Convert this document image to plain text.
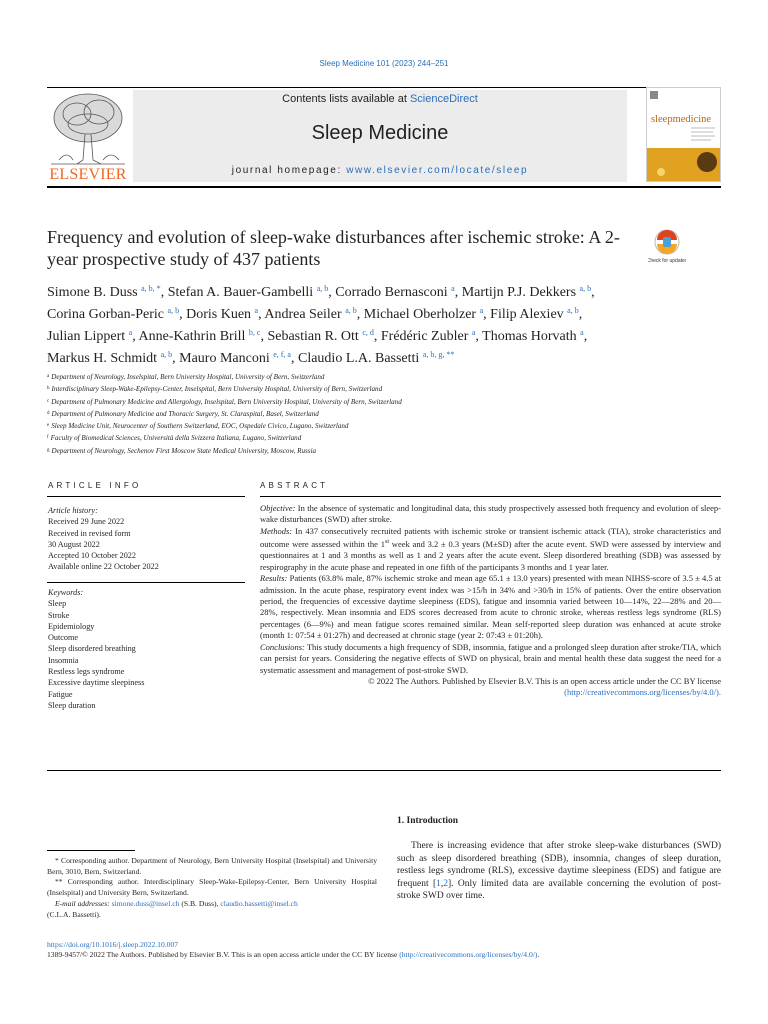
Sleep Medicine 101 (2023) 244–251
ELSEVIER
Contents lists available at ScienceDirect
Sleep Medicine
journal homepage: www.elsevier.com/locate/sleep
sleepmedicine
Frequency and evolution of sleep-wake disturbances after ischemic stroke: A 2-year prospective study of 437 patients	Check for updates
Simone B. Duss $^{a, b, *}$, Stefan A. Bauer-Gambelli $^{a, b}$, Corrado Bernasconi $^a$, Martijn P.J. Dekkers $^{a, b}$, Corina Gorban-Peric $^{a, b}$, Doris Kuen $^a$, Andrea Seiler $^{a, b}$, Michael Oberholzer $^a$, Filip Alexiev $^{a, b}$, Julian Lippert $^a$, Anne-Kathrin Brill $^{b, c}$, Sebastian R. Ott $^{c, d}$, Frédéric Zubler $^a$, Thomas Horvath $^a$, Markus H. Schmidt $^{a, b}$, Mauro Manconi $^{e, f, a}$, Claudio L.A. Bassetti $^{a, b, g, **}$
$^a$ Department of Neurology, Inselspital, Bern University Hospital, University of Bern, Switzerland
$^b$ Interdisciplinary Sleep-Wake-Epilepsy-Center, Inselspital, Bern University Hospital, University of Bern, Switzerland
$^c$ Department of Pulmonary Medicine and Allergology, Inselspital, Bern University Hospital, University of Bern, Switzerland
$^d$ Department of Pulmonary Medicine and Thoracic Surgery, St. Claraspital, Basel, Switzerland
$^e$ Sleep Medicine Unit, Neurocenter of Southern Switzerland, EOC, Ospedale Civico, Lugano, Switzerland
$^f$ Faculty of Biomedical Sciences, Università della Svizzera Italiana, Lugano, Switzerland
$^g$ Department of Neurology, Sechenov First Moscow State Medical University, Moscow, Russia
ARTICLE INFO	ABSTRACT
Article history:
Received 29 June 2022
Received in revised form
30 August 2022
Accepted 10 October 2022
Available online 22 October 2022
Keywords:
Sleep
Stroke
Epidemiology
Outcome
Sleep disordered breathing
Insomnia
Restless legs syndrome
Excessive daytime sleepiness
Fatigue
Sleep duration

Objective: In the absence of systematic and longitudinal data, this study prospectively assessed both frequency and evolution of sleep-wake disturbances (SWD) after stroke.

Methods: In 437 consecutively recruited patients with ischemic stroke or transient ischemic attack (TIA), stroke characteristics and outcome were assessed within the 1st week and 3.2 ± 0.3 years (M±SD) after the acute event. SWD were assessed by interview and questionnaires at 1 and 3 months as well as 1 and 2 years after the acute event. Sleep disordered breathing (SDB) was assessed by respirography in the acute phase and repeated in one fifth of the participants 3 months and 1 year later.

Results: Patients (63.8% male, 87% ischemic stroke and mean age 65.1 ± 13.0 years) presented with mean NIHSS-score of 3.5 ± 4.5 at admission. In the acute phase, respiratory event index was >15/h in 34% and >30/h in 15% of patients. Over the entire observation period, the frequencies of excessive daytime sleepiness (EDS), fatigue and insomnia varied between 10—14%, 22—28% and 20—28%, respectively. Mean insomnia and EDS scores decreased from acute to chronic stroke, whereas restless legs syndrome (RLS) percentages (6—9%) and mean fatigue scores remained similar. Mean self-reported sleep duration was enhanced at acute stroke (month 1: 07:54 ± 01:27h) and decreased at chronic stage (year 2: 07:43 ± 01:20h).

Conclusions: This study documents a high frequency of SDB, insomnia, fatigue and a prolonged sleep duration after stroke/TIA, which can persist for years. Considering the negative effects of SWD on physical, brain and mental health these data suggest the need for a systematic assessment and management of post-stroke SWD.

© 2022 The Authors. Published by Elsevier B.V. This is an open access article under the CC BY license
(http://creativecommons.org/licenses/by/4.0/).

1. Introduction
There is increasing evidence that after stroke sleep-wake disturbances (SWD) such as sleep disordered breathing (SDB), insomnia, changes of sleep duration, restless legs syndrome (RLS), excessive daytime sleepiness (EDS) and fatigue are frequent [1,2]. Only limited data are available concerning the evolution of post-stroke SWD over time.
* Corresponding author. Department of Neurology, Bern University Hospital (Inselspital) and University Bern, 3010, Bern, Switzerland.
** Corresponding author. Interdisciplinary Sleep-Wake-Epilepsy-Center, Bern University Hospital (Inselspital) and University Bern, Switzerland.
E-mail addresses: simone.duss@insel.ch (S.B. Duss), claudio.bassetti@insel.ch
(C.L.A. Bassetti).
https://doi.org/10.1016/j.sleep.2022.10.007
1389-9457/© 2022 The Authors. Published by Elsevier B.V. This is an open access article under the CC BY license (http://creativecommons.org/licenses/by/4.0/).
